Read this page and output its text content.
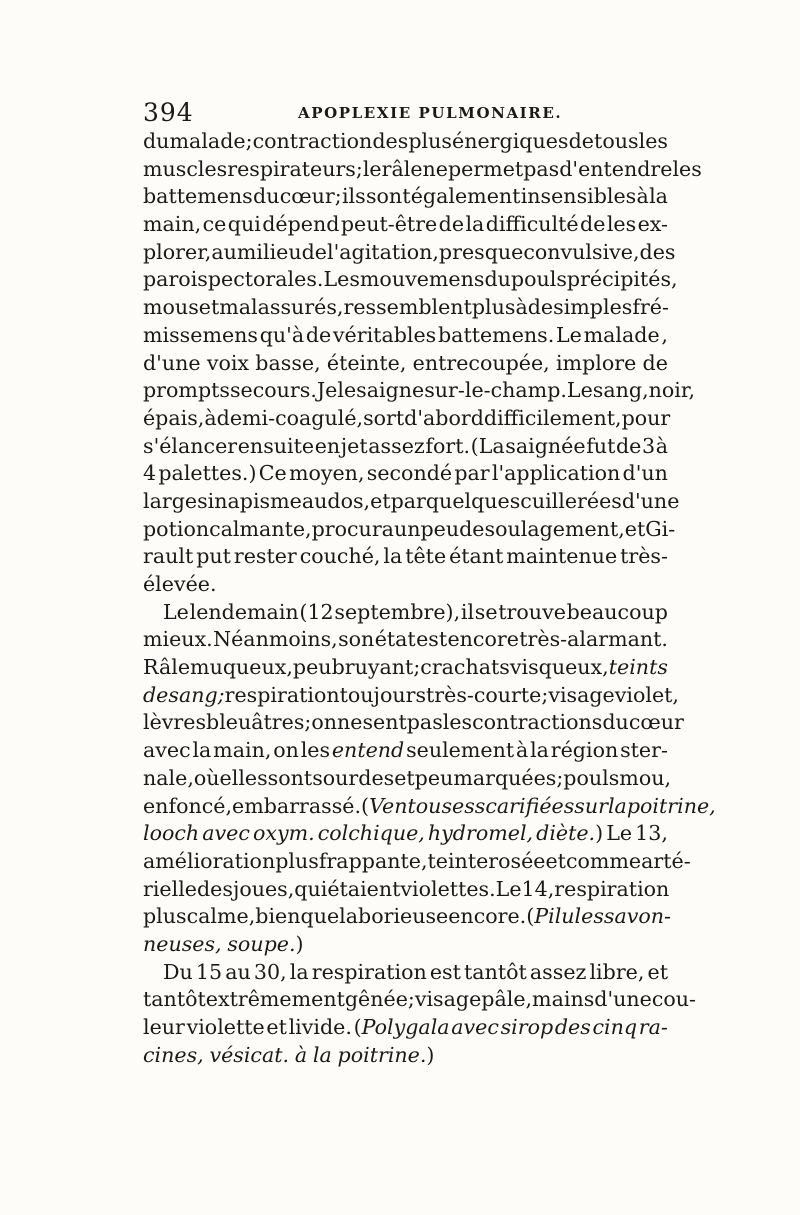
394	APOPLEXIE PULMONAIRE.
du malade; contraction des plus énergiques de tous les
muscles respirateurs; le râle ne permet pas d'entendre les
battemens du cœur; ils sont également insensibles à la
main, ce qui dépend peut-être de la difficulté de les ex-
plorer, au milieu de l'agitation, presque convulsive, des
parois pectorales. Les mouvemens du pouls précipités ,
mous et mal assurés, ressemblent plus à de simples fré-
missemens qu'à de véritables battemens. Le malade ,
d'une voix basse, éteinte, entrecoupée, implore de
prompts secours. Je le saigne sur-le-champ. Le sang, noir,
épais, à demi-coagulé, sort d'abord difficilement, pour
s'élancer ensuite en jet assez fort. (La saignée fut de 3 à
4 palettes.) Ce moyen, secondé par l'application d'un
large sinapisme au dos, et par quelques cuillerées d'une
potion calmante, procura un peu de soulagement, et Gi-
rault put rester couché, la tête étant maintenue très-
élevée.
Le lendemain (12 septembre), il se trouve beaucoup
mieux. Néanmoins, son état est encore très-alarmant.
Râle muqueux, peu bruyant; crachats visqueux, teints
de sang; respiration toujours très-courte; visage violet,
lèvres bleuâtres; on ne sent pas les contractions du cœur
avec la main, on les entend seulement à la région ster-
nale, où elles sont sourdes et peu marquées; pouls mou,
enfoncé, embarrassé. (Ventouses scarifiées sur la poitrine,
looch avec oxym. colchique, hydromel, diète.) Le 13,
amélioration plus frappante, teinte rosée et comme arté-
rielle des joues, qui étaient violettes. Le 14, respiration
plus calme, bien que laborieuse encore. (Pilules savon-
neuses, soupe.)
Du 15 au 30, la respiration est tantôt assez libre, et
tantôt extrêmement gênée; visage pâle, mains d'une cou-
leur violette et livide. (Polygala avec sirop des cinq ra-
cines, vésicat. à la poitrine.)
